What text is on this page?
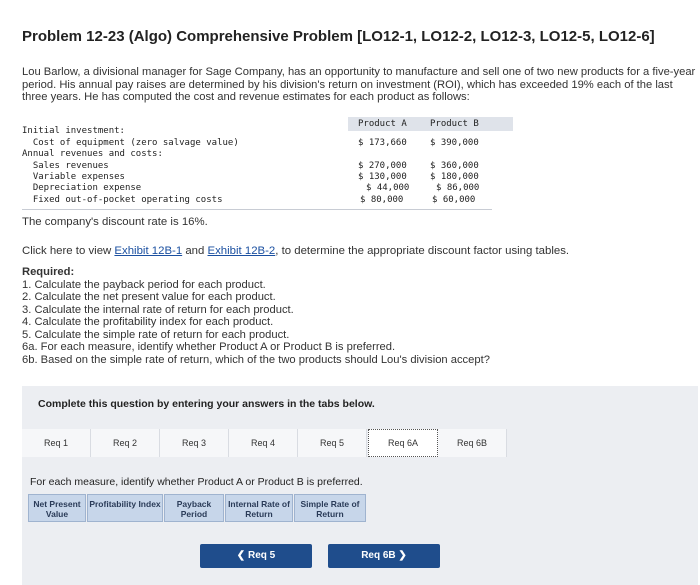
Problem 12-23 (Algo) Comprehensive Problem [LO12-1, LO12-2, LO12-3, LO12-5, LO12-6]
Lou Barlow, a divisional manager for Sage Company, has an opportunity to manufacture and sell one of two new products for a five-year period. His annual pay raises are determined by his division's return on investment (ROI), which has exceeded 19% each of the last three years. He has computed the cost and revenue estimates for each product as follows:
Product A	Product B
Initial investment:
Cost of equipment (zero salvage value)	$ 173,660	$ 390,000
Annual revenues and costs:
Sales revenues	$ 270,000	$ 360,000
Variable expenses	$ 130,000	$ 180,000
Depreciation expense	$ 44,000	$ 86,000
Fixed out-of-pocket operating costs	$ 80,000	$ 60,000
The company's discount rate is 16%.
Click here to view Exhibit 12B-1 and Exhibit 12B-2, to determine the appropriate discount factor using tables.
Required:
1. Calculate the payback period for each product.
2. Calculate the net present value for each product.
3. Calculate the internal rate of return for each product.
4. Calculate the profitability index for each product.
5. Calculate the simple rate of return for each product.
6a. For each measure, identify whether Product A or Product B is preferred.
6b. Based on the simple rate of return, which of the two products should Lou's division accept?
Complete this question by entering your answers in the tabs below.
Req 1	Req 2	Req 3	Req 4	Req 5	Req 6A	Req 6B
For each measure, identify whether Product A or Product B is preferred.
Net Present Value
Profitability Index	Payback Period
Internal Rate of Return
Simple Rate of Return
❮ Req 5	Req 6B ❯
